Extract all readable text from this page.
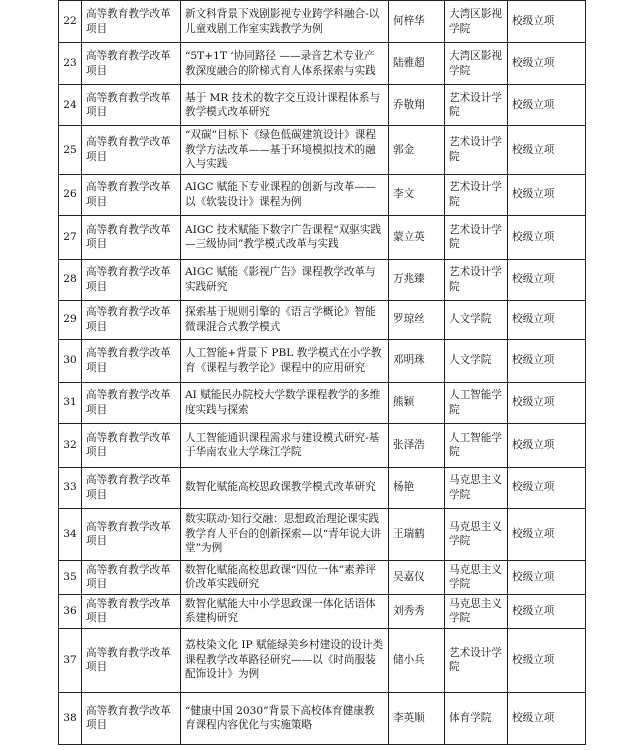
22	高等教育教学改革项目	新文科背景下戏剧影视专业跨学科融合-以儿童戏剧工作室实践教学为例	何梓华	大湾区影视学院	校级立项
23	高等教育教学改革项目	“5T+1T ‘协同路径 ——录音艺术专业产教深度融合的阶梯式育人体系探索与实践	陆雅超	大湾区影视学院	校级立项
24	高等教育教学改革项目	基于 MR 技术的数字交互设计课程体系与教学模式改革研究	乔敬翔	艺术设计学院	校级立项
25	高等教育教学改革项目	“双碳”目标下《绿色低碳建筑设计》课程教学方法改革——基于环境模拟技术的融入与实践	郭金	艺术设计学院	校级立项
26	高等教育教学改革项目	AIGC 赋能下专业课程的创新与改革——以《软装设计》课程为例	李文	艺术设计学院	校级立项
27	高等教育教学改革项目	AIGC 技术赋能下数字广告课程“双驱实践—三级协同”教学模式改革与实践	蒙立英	艺术设计学院	校级立项
28	高等教育教学改革项目	AIGC 赋能《影视广告》课程教学改革与实践研究	万兆臻	艺术设计学院	校级立项
29	高等教育教学改革项目	探索基于规则引擎的《语言学概论》智能微课混合式教学模式	罗琼丝	人文学院	校级立项
30	高等教育教学改革项目	人工智能+背景下 PBL 教学模式在小学教育《课程与教学论》课程中的应用研究	邓明珠	人文学院	校级立项
31	高等教育教学改革项目	AI 赋能民办院校大学数学课程教学的多维度实践与探索	熊颖	人工智能学院	校级立项
32	高等教育教学改革项目	人工智能通识课程需求与建设模式研究-基于华南农业大学珠江学院	张泽浩	人工智能学院	校级立项
33	高等教育教学改革项目	数智化赋能高校思政课教学模式改革研究	杨艳	马克思主义学院	校级立项
34	高等教育教学改革项目	数实联动·知行交融：思想政治理论课实践教学育人平台的创新探索—以“青年说大讲堂”为例	王瑞鹤	马克思主义学院	校级立项
35	高等教育教学改革项目	数智化赋能高校思政课“四位一体”素养评价改革实践研究	吴嘉仪	马克思主义学院	校级立项
36	高等教育教学改革项目	数智化赋能大中小学思政课一体化话语体系建构研究	刘秀秀	马克思主义学院	校级立项
37	高等教育教学改革项目	荔枝染文化 IP 赋能绿美乡村建设的设计类课程教学改革路径研究——以《时尚服装配饰设计》为例	储小兵	艺术设计学院	校级立项
38	高等教育教学改革项目	“健康中国 2030”背景下高校体育健康教育课程内容优化与实施策略	李英顺	体育学院	校级立项
